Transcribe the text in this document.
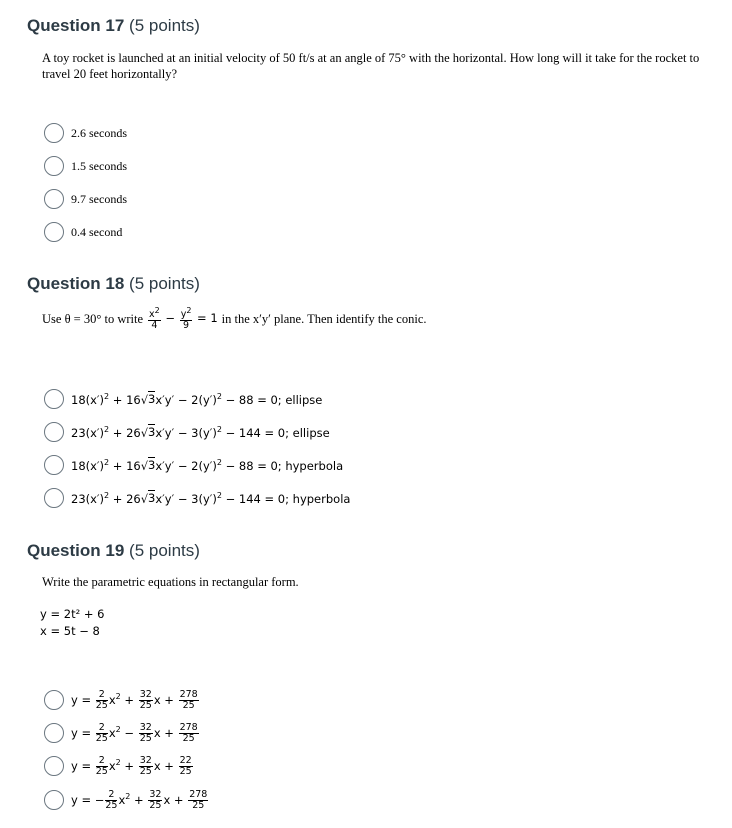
Question 17 (5 points)
A toy rocket is launched at an initial velocity of 50 ft/s at an angle of 75° with the horizontal. How long will it take for the rocket to travel 20 feet horizontally?
2.6 seconds
1.5 seconds
9.7 seconds
0.4 second
Question 18 (5 points)
Use θ = 30° to write $\frac{x^2}{4} - \frac{y^2}{9} = 1$ in the x′y′ plane. Then identify the conic.
$18(x')^2 + 16√3x'y' - 2(y')^2 - 88 = 0$; ellipse
$23(x')^2 + 26√3x'y' - 3(y')^2 - 144 = 0$; ellipse
$18(x')^2 + 16√3x'y' - 2(y')^2 - 88 = 0$; hyperbola
$23(x')^2 + 26√3x'y' - 3(y')^2 - 144 = 0$; hyperbola
Question 19 (5 points)
Write the parametric equations in rectangular form.
y = 2t² + 6
x = 5t − 8
$y = \frac{2}{25} x^2 + \frac{32}{25}$ $x + \frac{278}{25}$
$y = \frac{2}{25} x^2 - \frac{32}{25}$ $x + \frac{278}{25}$
$y = \frac{2}{25} x^2 + \frac{32}{25}$ $x + \frac{22}{25}$
y = − $\frac{2}{25} x^2 + \frac{32}{25}$ $x + \frac{278}{25}$
